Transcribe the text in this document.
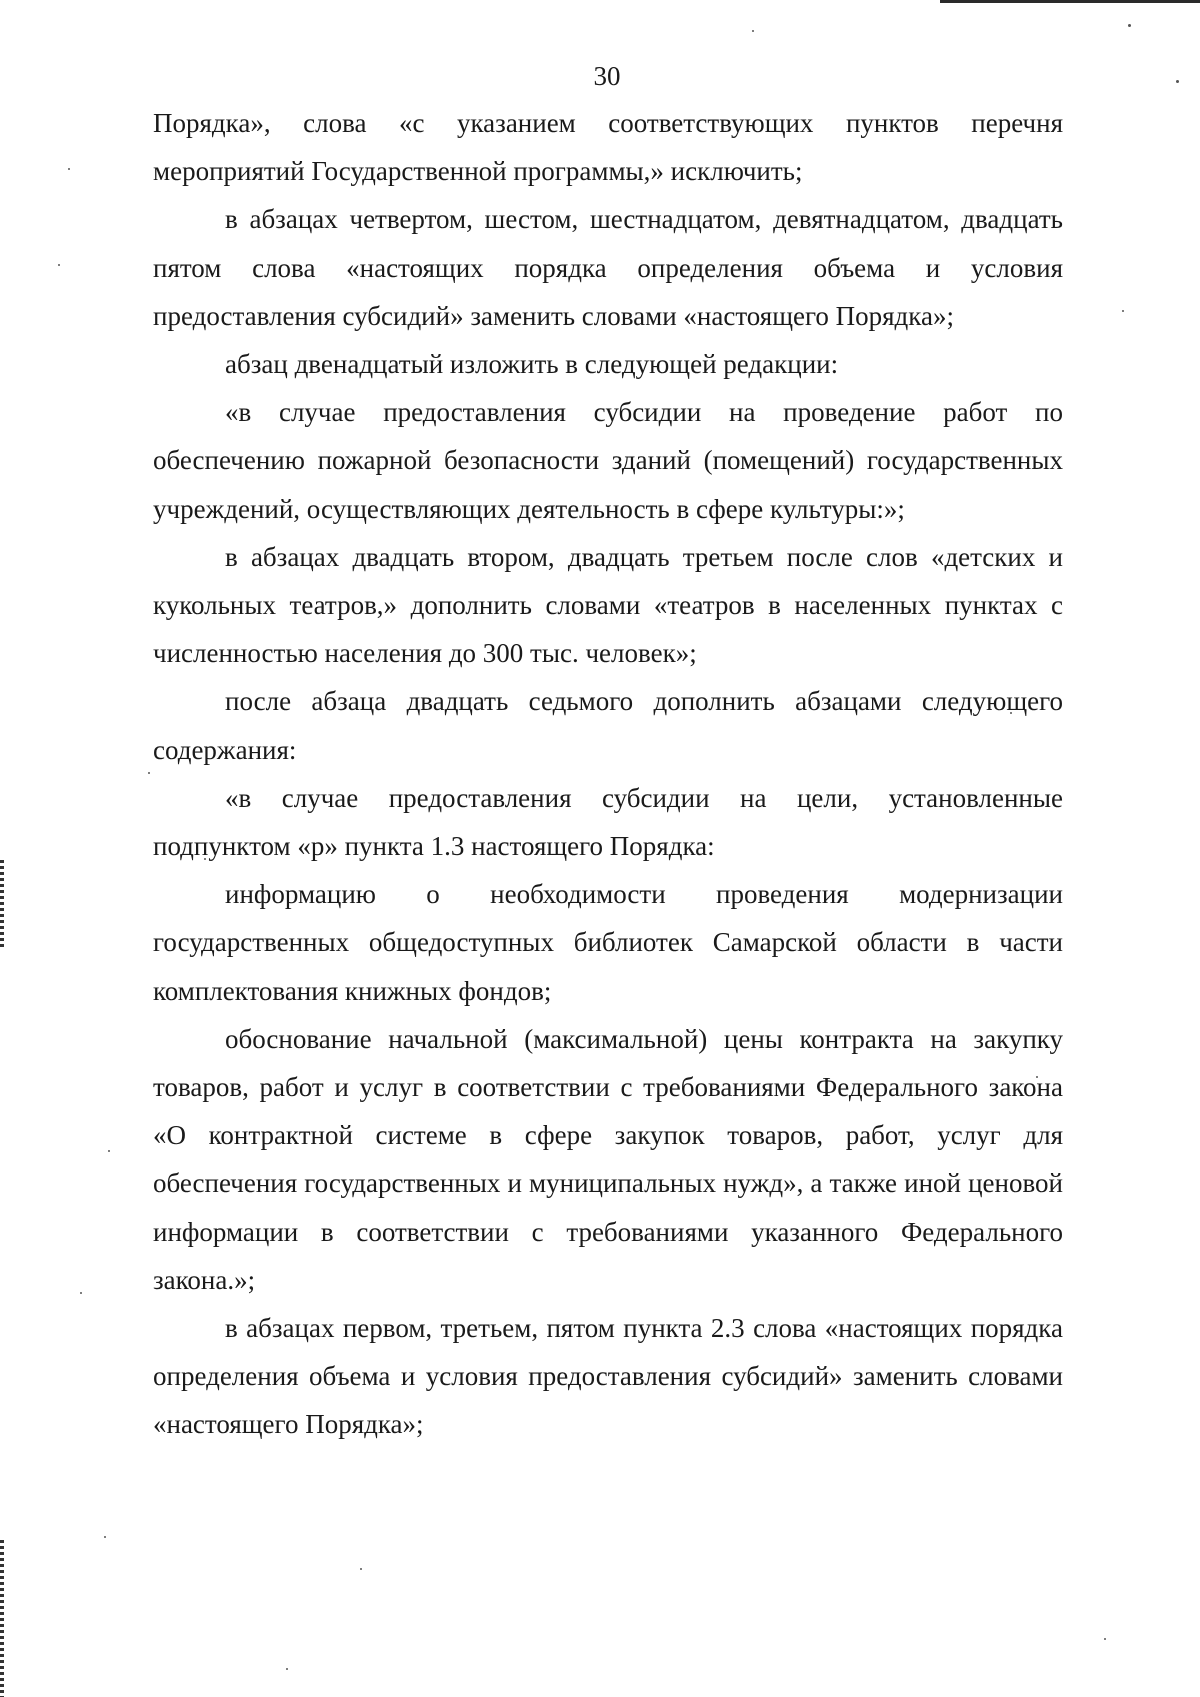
30

Порядка», слова «с указанием соответствующих пунктов перечня мероприятий Государственной программы,» исключить;

в абзацах четвертом, шестом, шестнадцатом, девятнадцатом, двадцать пятом слова «настоящих порядка определения объема и условия предоставления субсидий» заменить словами «настоящего Порядка»;

абзац двенадцатый изложить в следующей редакции:

«в случае предоставления субсидии на проведение работ по обеспечению пожарной безопасности зданий (помещений) государственных учреждений, осуществляющих деятельность в сфере культуры:»;

в абзацах двадцать втором, двадцать третьем после слов «детских и кукольных театров,» дополнить словами «театров в населенных пунктах с численностью населения до 300 тыс. человек»;

после абзаца двадцать седьмого дополнить абзацами следующего содержания:

«в случае предоставления субсидии на цели, установленные подпунктом «р» пункта 1.3 настоящего Порядка:

информацию о необходимости проведения модернизации государственных общедоступных библиотек Самарской области в части комплектования книжных фондов;

обоснование начальной (максимальной) цены контракта на закупку товаров, работ и услуг в соответствии с требованиями Федерального закона «О контрактной системе в сфере закупок товаров, работ, услуг для обеспечения государственных и муниципальных нужд», а также иной ценовой информации в соответствии с требованиями указанного Федерального закона.»;

в абзацах первом, третьем, пятом пункта 2.3 слова «настоящих порядка определения объема и условия предоставления субсидий» заменить словами «настоящего Порядка»;
